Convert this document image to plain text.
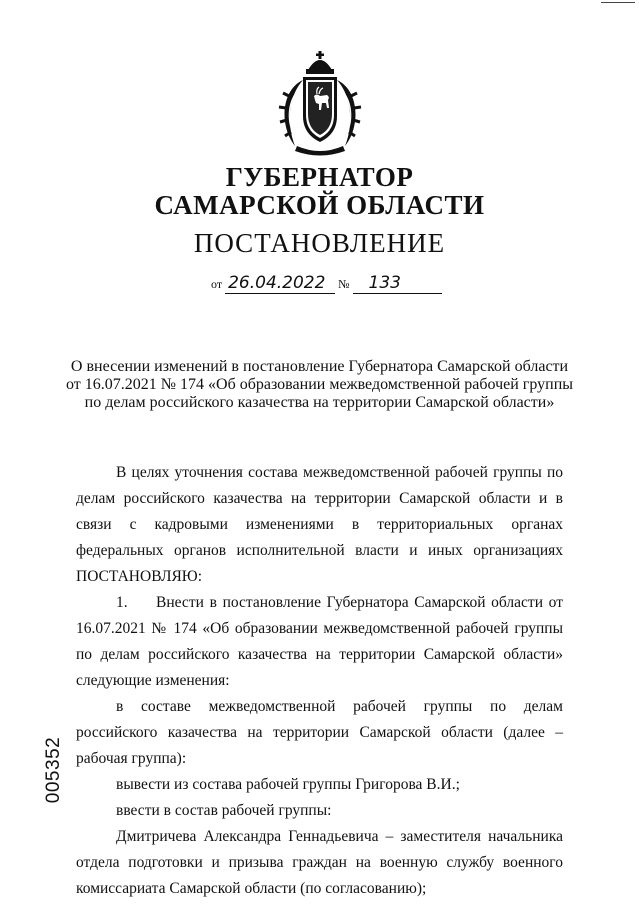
ГУБЕРНАТОР
САМАРСКОЙ ОБЛАСТИ
ПОСТАНОВЛЕНИЕ
от 26.04.2022 № 133
О внесении изменений в постановление Губернатора Самарской области
от 16.07.2021 № 174 «Об образовании межведомственной рабочей группы
по делам российского казачества на территории Самарской области»

В целях уточнения состава межведомственной рабочей группы по делам российского казачества на территории Самарской области и в связи с кадровыми изменениями в территориальных органах федеральных органов исполнительной власти и иных организациях ПОСТАНОВЛЯЮ:

1.     Внести в постановление Губернатора Самарской области от 16.07.2021 № 174 «Об образовании межведомственной рабочей группы по делам российского казачества на территории Самарской области» следующие изменения:

в составе межведомственной рабочей группы по делам российского казачества на территории Самарской области (далее – рабочая группа):

вывести из состава рабочей группы Григорова В.И.;

ввести в состав рабочей группы:

Дмитричева Александра Геннадьевича – заместителя начальника отдела подготовки и призыва граждан на военную службу военного комиссариата Самарской области (по согласованию);

005352
